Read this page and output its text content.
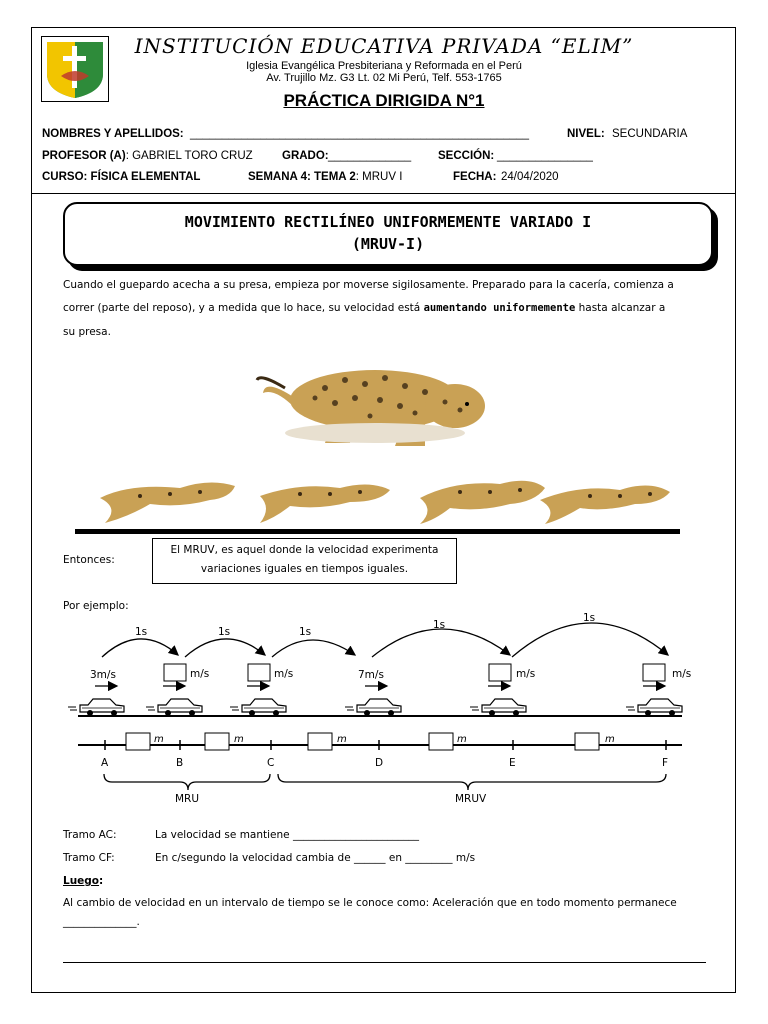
INSTITUCIÓN EDUCATIVA PRIVADA “ELIM”
Iglesia Evangélica Presbiteriana y Reformada en el Perú
Av. Trujillo Mz. G3 Lt. 02 Mi Perú, Telf. 553-1765
PRÁCTICA DIRIGIDA N°1
NOMBRES Y APELLIDOS: _____________________________________________________	NIVEL: SECUNDARIA
PROFESOR (A): GABRIEL TORO CRUZ	GRADO: _____________ SECCIÓN: _______________
CURSO: FÍSICA ELEMENTAL	SEMANA 4: TEMA 2: MRUV I	FECHA: 24/04/2020
MOVIMIENTO RECTILÍNEO UNIFORMEMENTE VARIADO I
(MRUV-I)
Cuando el guepardo acecha a su presa, empieza por moverse sigilosamente. Preparado para la cacería, comienza a
correr (parte del reposo), y a medida que lo hace, su velocidad está aumentando uniformemente hasta alcanzar a
su presa.
Entonces:
El MRUV, es aquel donde la velocidad experimenta
variaciones iguales en tiempos iguales.
Por ejemplo:
1s	1s	1s
1s
1s
3m/s	m/s	m/s	7m/s	m/s	m/s
m	m	m	m	m
A	B	C	D	E	F
MRU	MRUV
Tramo AC:	La velocidad se mantiene ________________________
Tramo CF:	En c/segundo la velocidad cambia de ______ en _________ m/s
Luego:
Al cambio de velocidad en un intervalo de tiempo se le conoce como: Aceleración que en todo momento permanece
______________.
